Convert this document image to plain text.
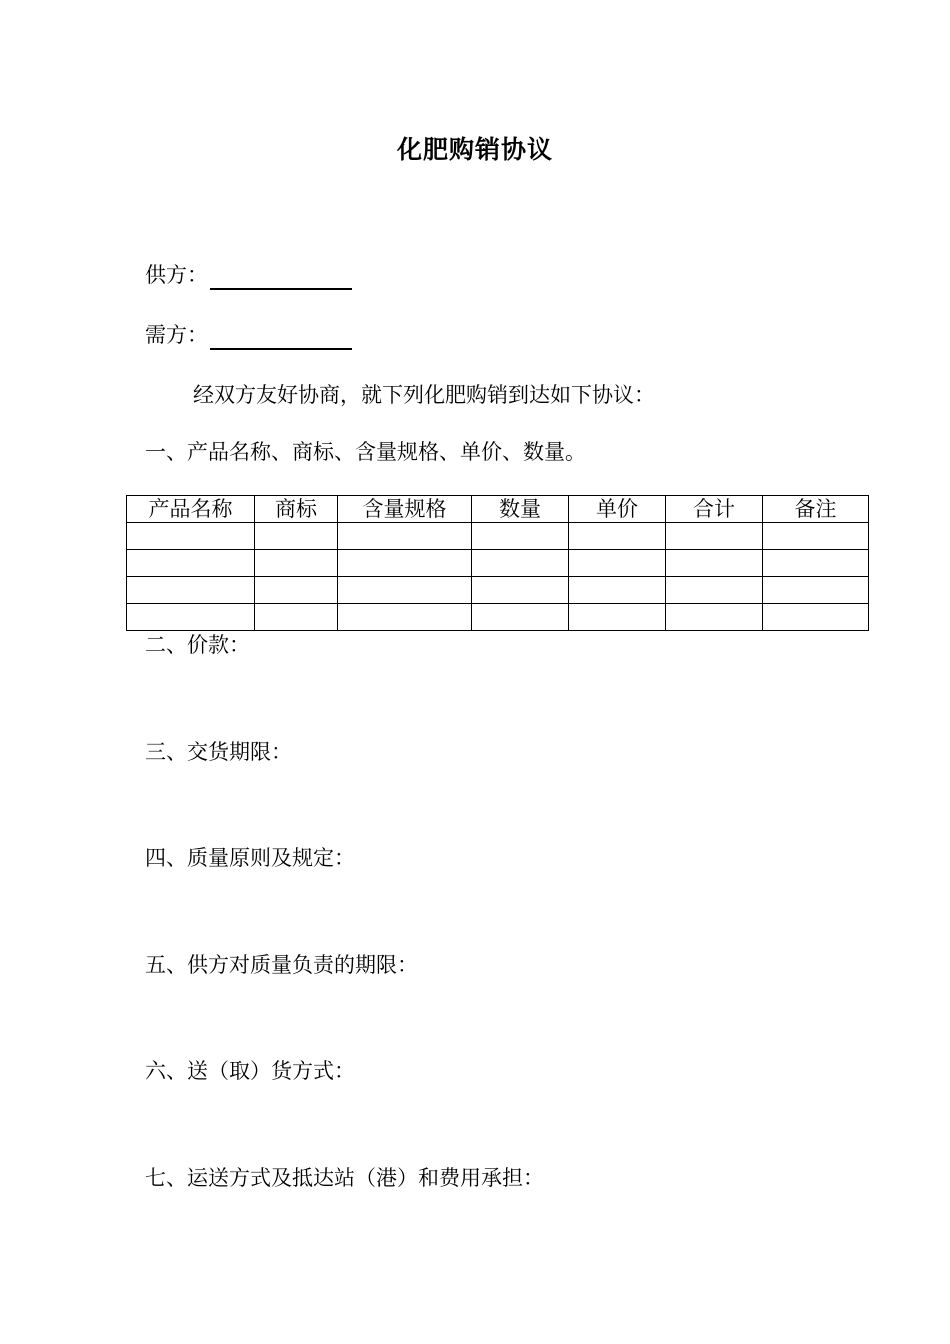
化肥购销协议
供方：
需方：
经双方友好协商，就下列化肥购销到达如下协议：
一、产品名称、商标、含量规格、单价、数量。
产品名称	商标	含量规格	数量	单价	合计	备注

二、价款：
三、交货期限：
四、质量原则及规定：
五、供方对质量负责的期限：
六、送（取）货方式：
七、运送方式及抵达站（港）和费用承担：
